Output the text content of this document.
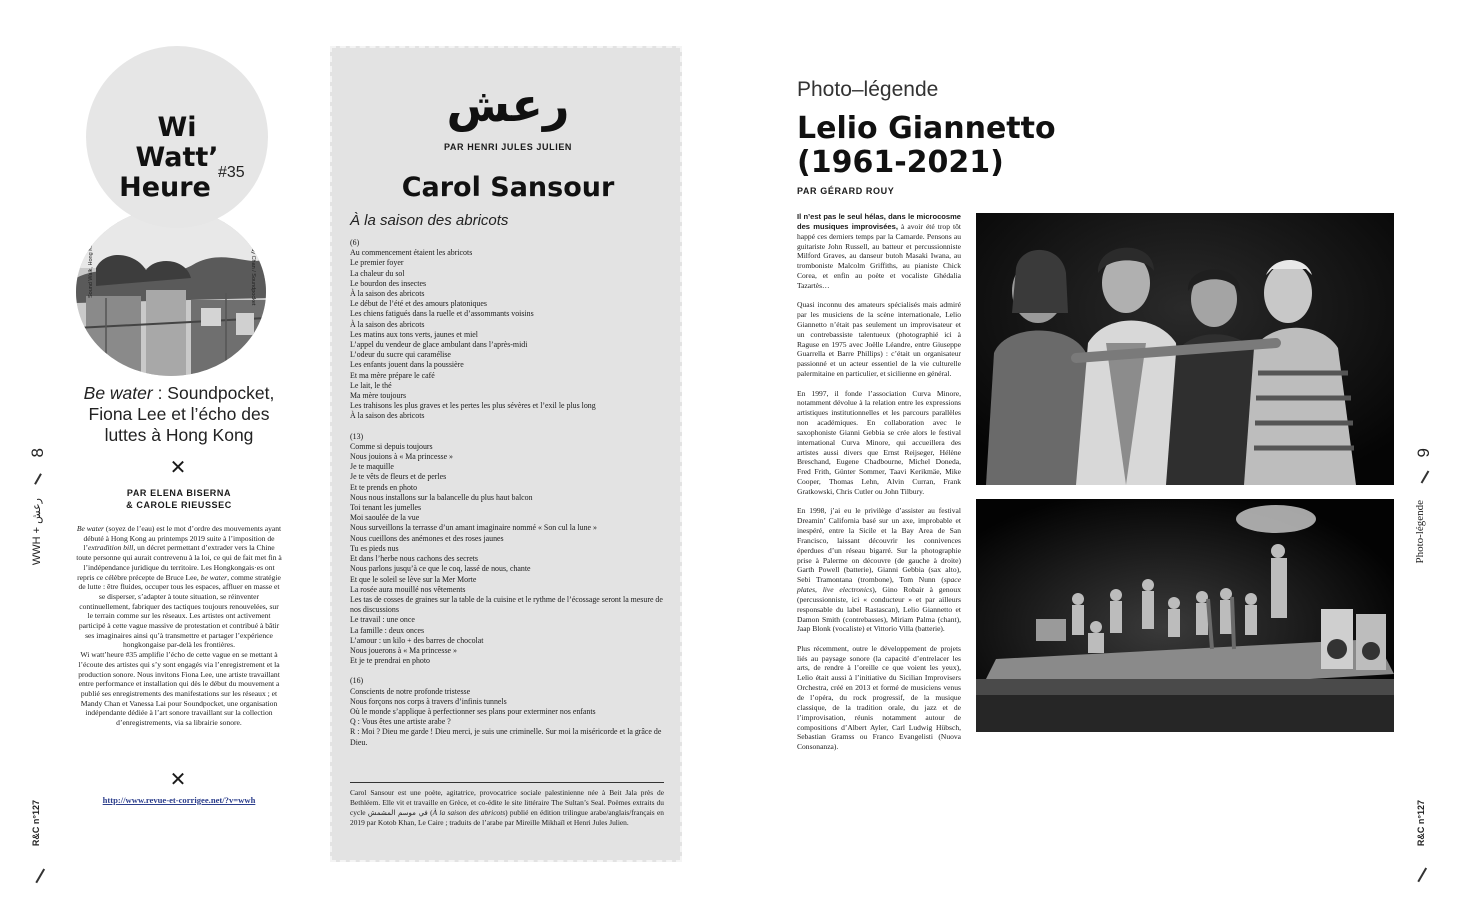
© Mandy Chan / Soundpocket
Sound Walk, Hong Kong
Wi
Watt’
Heure #35
Be water : Soundpocket, Fiona Lee et l’écho des luttes à Hong Kong
✕
PAR ELENA BISERNA
& CAROLE RIEUSSEC
Be water (soyez de l’eau) est le mot d’ordre des mouvements ayant débuté à Hong Kong au printemps 2019 suite à l’imposition de l’extradition bill, un décret permettant d’extrader vers la Chine toute personne qui aurait contrevenu à la loi, ce qui de fait met fin à l’indépendance juridique du territoire. Les Hongkongais·es ont repris ce célèbre précepte de Bruce Lee, be water, comme stratégie de lutte : être fluides, occuper tous les espaces, affluer en masse et se disperser, s’adapter à toute situation, se réinventer continuellement, fabriquer des tactiques toujours renouvelées, sur le terrain comme sur les réseaux. Les artistes ont activement participé à cette vague massive de protestation et contribué à bâtir ses imaginaires ainsi qu’à transmettre et partager l’expérience hongkongaise par-delà les frontières.
Wi watt’heure #35 amplifie l’écho de cette vague en se mettant à l’écoute des artistes qui s’y sont engagés via l’enregistrement et la production sonore. Nous invitons Fiona Lee, une artiste travaillant entre performance et installation qui dès le début du mouvement a publié ses enregistrements des manifestations sur les réseaux ; et Mandy Chan et Vanessa Lai pour Soundpocket, une organisation indépendante dédiée à l’art sonore travaillant sur la collection d’enregistrements, via sa librairie sonore.
✕
http://www.revue-et-corrigee.net/?v=wwh
8
WWH + رعش
R&C n°127
رعش
PAR HENRI JULES JULIEN
Carol Sansour
À la saison des abricots
(6)
Au commencement étaient les abricots
Le premier foyer
La chaleur du sol
Le bourdon des insectes
À la saison des abricots
Le début de l’été et des amours platoniques
Les chiens fatigués dans la ruelle et d’assommants voisins
À la saison des abricots
Les matins aux tons verts, jaunes et miel
L’appel du vendeur de glace ambulant dans l’après-midi
L’odeur du sucre qui caramélise
Les enfants jouent dans la poussière
Et ma mère prépare le café
Le lait, le thé
Ma mère toujours
Les trahisons les plus graves et les pertes les plus sévères et l’exil le plus long
À la saison des abricots
(13)
Comme si depuis toujours
Nous jouions à « Ma princesse »
Je te maquille
Je te vêts de fleurs et de perles
Et te prends en photo
Nous nous installons sur la balancelle du plus haut balcon
Toi tenant les jumelles
Moi saoulée de la vue
Nous surveillons la terrasse d’un amant imaginaire nommé « Son cul la lune »
Nous cueillons des anémones et des roses jaunes
Tu es pieds nus
Et dans l’herbe nous cachons des secrets
Nous parlons jusqu’à ce que le coq, lassé de nous, chante
Et que le soleil se lève sur la Mer Morte
La rosée aura mouillé nos vêtements
Les tas de cosses de graines sur la table de la cuisine et le rythme de l’écossage seront la mesure de nos discussions
Le travail : une once
La famille : deux onces
L’amour : un kilo + des barres de chocolat
Nous jouerons à « Ma princesse »
Et je te prendrai en photo
(16)
Conscients de notre profonde tristesse
Nous forçons nos corps à travers d’infinis tunnels
Où le monde s’applique à perfectionner ses plans pour exterminer nos enfants
Q : Vous êtes une artiste arabe ?
R : Moi ? Dieu me garde ! Dieu merci, je suis une criminelle. Sur moi la miséricorde et la grâce de Dieu.
Carol Sansour est une poète, agitatrice, provocatrice sociale palestinienne née à Beit Jala près de Bethléem. Elle vit et travaille en Grèce, et co-édite le site littéraire The Sultan’s Seal. Poèmes extraits du cycle في موسم المشمش (À la saison des abricots) publié en édition trilingue arabe/anglais/français en 2019 par Kotob Khan, Le Caire ; traduits de l’arabe par Mireille Mikhaïl et Henri Jules Julien.
Photo–légende
Lelio Giannetto
(1961-2021)
PAR GÉRARD ROUY

Il n’est pas le seul hélas, dans le microcosme des musiques improvisées, à avoir été trop tôt happé ces derniers temps par la Camarde. Pensons au guitariste John Russell, au batteur et percussionniste Milford Graves, au danseur butoh Masaki Iwana, au tromboniste Malcolm Griffiths, au pianiste Chick Corea, et enfin au poète et vocaliste Ghédalia Tazartès…

Quasi inconnu des amateurs spécialisés mais admiré par les musiciens de la scène internationale, Lelio Giannetto n’était pas seulement un improvisateur et un contrebassiste talentueux (photographié ici à Raguse en 1975 avec Joëlle Léandre, entre Giuseppe Guarrella et Barre Phillips) : c’était un organisateur passionné et un acteur essentiel de la vie culturelle palermitaine en particulier, et sicilienne en général.

En 1997, il fonde l’association Curva Minore, notamment dévolue à la relation entre les expressions artistiques institutionnelles et les parcours parallèles non académiques. En collaboration avec le saxophoniste Gianni Gebbia se crée alors le festival international Curva Minore, qui accueillera des artistes aussi divers que Ernst Reijseger, Hélène Breschand, Eugene Chadbourne, Michel Doneda, Fred Frith, Günter Sommer, Taavi Kerikmäe, Mike Cooper, Thomas Lehn, Alvin Curran, Frank Gratkowski, Chris Cutler ou John Tilbury.

En 1998, j’ai eu le privilège d’assister au festival Dreamin’ California basé sur un axe, improbable et inespéré, entre la Sicile et la Bay Area de San Francisco, laissant découvrir les connivences éperdues d’un réseau bigarré. Sur la photographie prise à Palerme on découvre (de gauche à droite) Garth Powell (batterie), Gianni Gebbia (sax alto), Sebi Tramontana (trombone), Tom Nunn (space plates, live electronics), Gino Robair à genoux (percussionniste, ici « conducteur » et par ailleurs responsable du label Rastascan), Lelio Giannetto et Damon Smith (contrebasses), Miriam Palma (chant), Jaap Blonk (vocaliste) et Vittorio Villa (batterie).

Plus récemment, outre le développement de projets liés au paysage sonore (la capacité d’entrelacer les arts, de rendre à l’oreille ce que voient les yeux), Lelio était aussi à l’initiative du Sicilian Improvisers Orchestra, créé en 2013 et formé de musiciens venus de l’opéra, du rock progressif, de la musique classique, de la tradition orale, du jazz et de l’improvisation, réunis notamment autour de compositions d’Albert Ayler, Carl Ludwig Hübsch, Sebastian Gramss ou Franco Evangelisti (Nuova Consonanza).

9
Photo-légende
R&C n°127
